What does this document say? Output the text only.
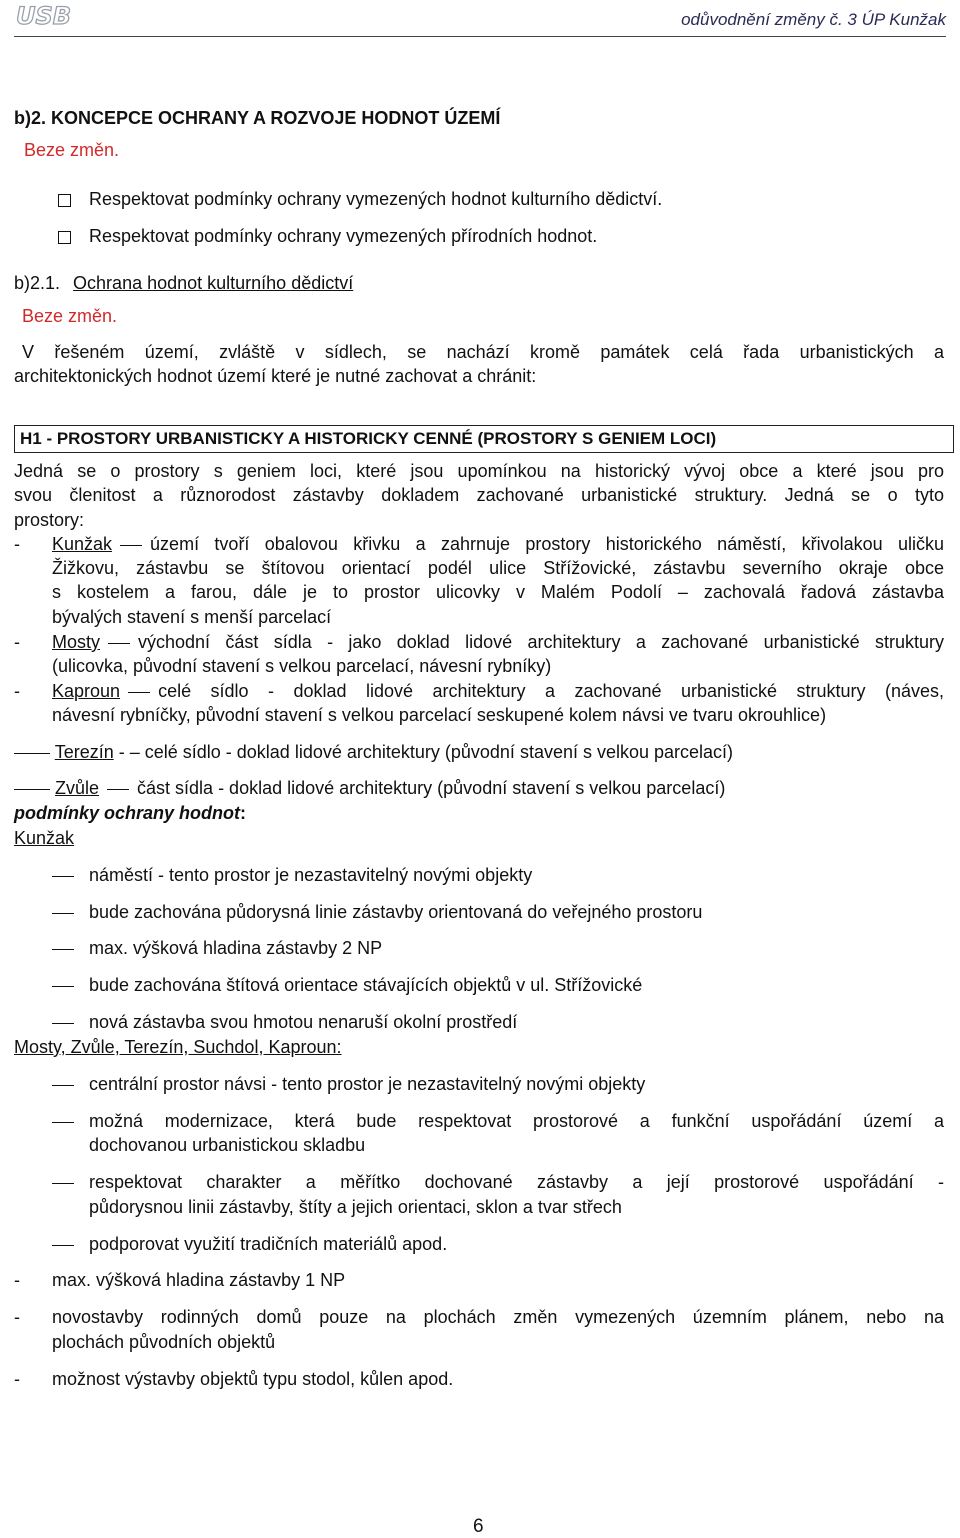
USB	odůvodnění změny č. 3 ÚP Kunžak
b)2. KONCEPCE OCHRANY A ROZVOJE HODNOT ÚZEMÍ
Beze změn.
Respektovat podmínky ochrany vymezených hodnot kulturního dědictví.
Respektovat podmínky ochrany vymezených přírodních hodnot.
b)2.1. Ochrana hodnot kulturního dědictví
Beze změn.
V řešeném území, zvláště v sídlech, se nachází kromě památek celá řada urbanistických a
architektonických hodnot území které je nutné zachovat a chránit:
H1 - PROSTORY URBANISTICKY A HISTORICKY CENNÉ (PROSTORY S GENIEM LOCI)
Jedná se o prostory s geniem loci, které jsou upomínkou na historický vývoj obce a které jsou pro
svou členitost a různorodost zástavby dokladem zachované urbanistické struktury. Jedná se o tyto
prostory:
- Kunžak území tvoří obalovou křivku a zahrnuje prostory historického náměstí, křivolakou uličku
Žižkovu, zástavbu se štítovou orientací podél ulice Střížovické, zástavbu severního okraje obce
s kostelem a farou, dále je to prostor ulicovky v Malém Podolí – zachovalá řadová zástavba
bývalých stavení s menší parcelací
- Mosty východní část sídla - jako doklad lidové architektury a zachované urbanistické struktury
(ulicovka, původní stavení s velkou parcelací, návesní rybníky)
- Kaproun celé sídlo - doklad lidové architektury a zachované urbanistické struktury (náves,
návesní rybníčky, původní stavení s velkou parcelací seskupené kolem návsi ve tvaru okrouhlice)
Terezín - – celé sídlo - doklad lidové architektury (původní stavení s velkou parcelací)
Zvůle část sídla - doklad lidové architektury (původní stavení s velkou parcelací)
podmínky ochrany hodnot:
Kunžak
náměstí - tento prostor je nezastavitelný novými objekty
bude zachována půdorysná linie zástavby orientovaná do veřejného prostoru
max. výšková hladina zástavby 2 NP
bude zachována štítová orientace stávajících objektů v ul. Střížovické
nová zástavba svou hmotou nenaruší okolní prostředí
Mosty, Zvůle, Terezín, Suchdol, Kaproun:
centrální prostor návsi - tento prostor je nezastavitelný novými objekty
možná modernizace, která bude respektovat prostorové a funkční uspořádání území a
dochovanou urbanistickou skladbu
respektovat charakter a měřítko dochované zástavby a její prostorové uspořádání -
půdorysnou linii zástavby, štíty a jejich orientaci, sklon a tvar střech
podporovat využití tradičních materiálů apod.
- max. výšková hladina zástavby 1 NP
- novostavby rodinných domů pouze na plochách změn vymezených územním plánem, nebo na
plochách původních objektů
- možnost výstavby objektů typu stodol, kůlen apod.
6
